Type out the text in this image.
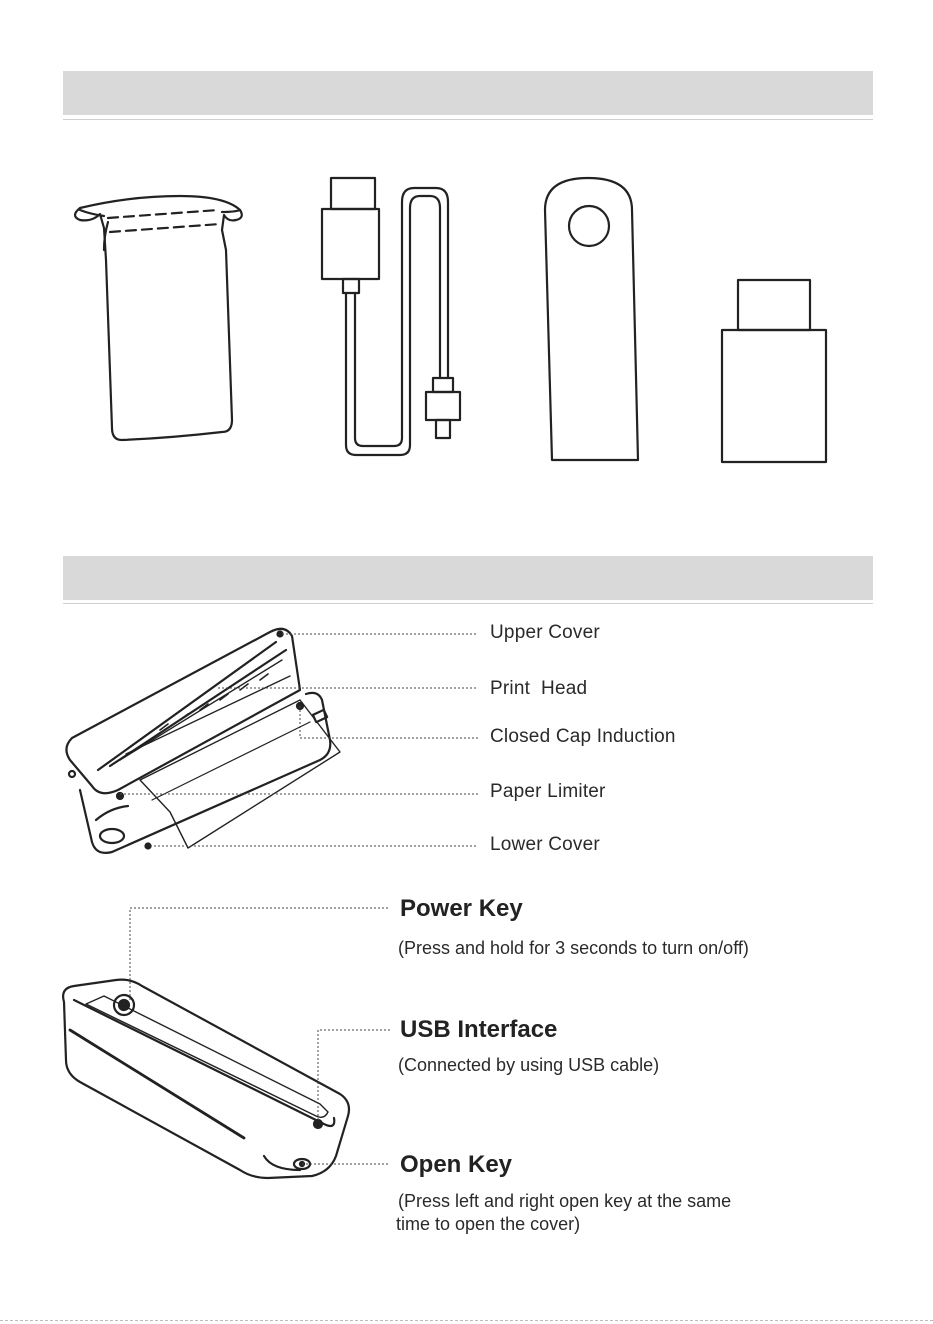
Upper Cover
Print  Head
Closed Cap Induction
Paper Limiter
Lower Cover
Power Key
(Press and hold for 3 seconds to turn on/off)
USB Interface
(Connected by using USB cable)
Open Key
(Press left and right open key at the same
time to open the cover)
